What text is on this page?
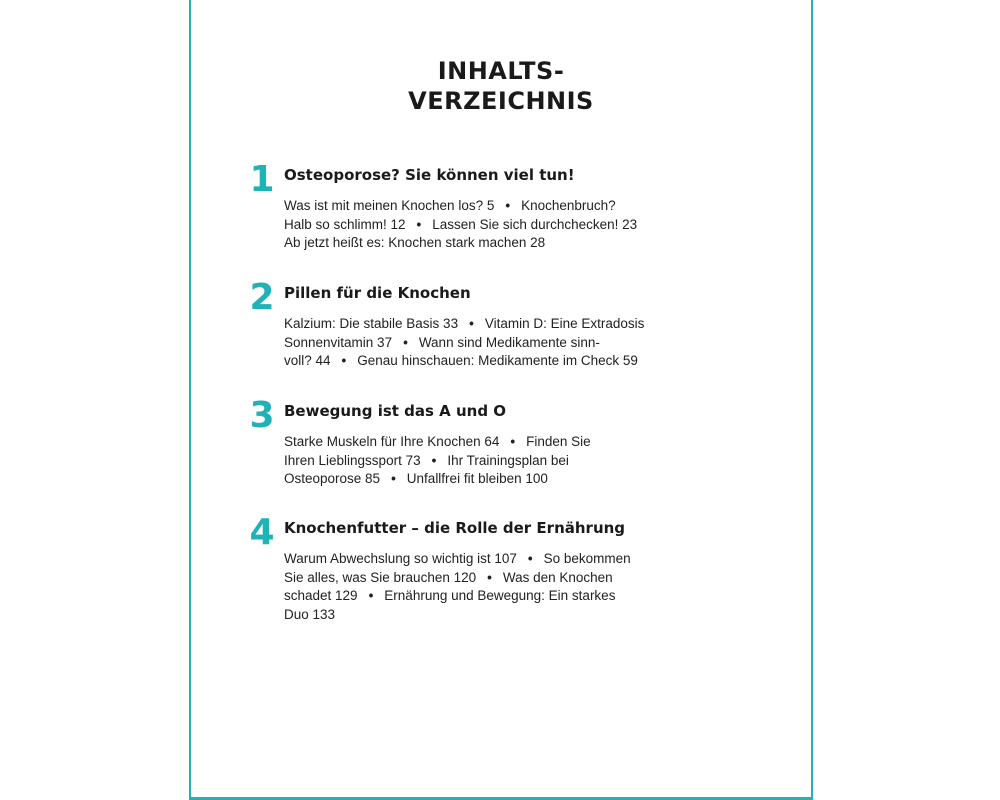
INHALTS-
VERZEICHNIS
1 Osteoporose? Sie können viel tun!
Was ist mit meinen Knochen los? 5 • Knochenbruch?
Halb so schlimm! 12 • Lassen Sie sich durchchecken! 23
Ab jetzt heißt es: Knochen stark machen 28
2 Pillen für die Knochen
Kalzium: Die stabile Basis 33 • Vitamin D: Eine Extradosis
Sonnenvitamin 37 • Wann sind Medikamente sinn-
voll? 44 • Genau hinschauen: Medikamente im Check 59
3 Bewegung ist das A und O
Starke Muskeln für Ihre Knochen 64 • Finden Sie
Ihren Lieblingssport 73 • Ihr Trainingsplan bei
Osteoporose 85 • Unfallfrei fit bleiben 100
4 Knochenfutter – die Rolle der Ernährung
Warum Abwechslung so wichtig ist 107 • So bekommen
Sie alles, was Sie brauchen 120 • Was den Knochen
schadet 129 • Ernährung und Bewegung: Ein starkes
Duo 133
